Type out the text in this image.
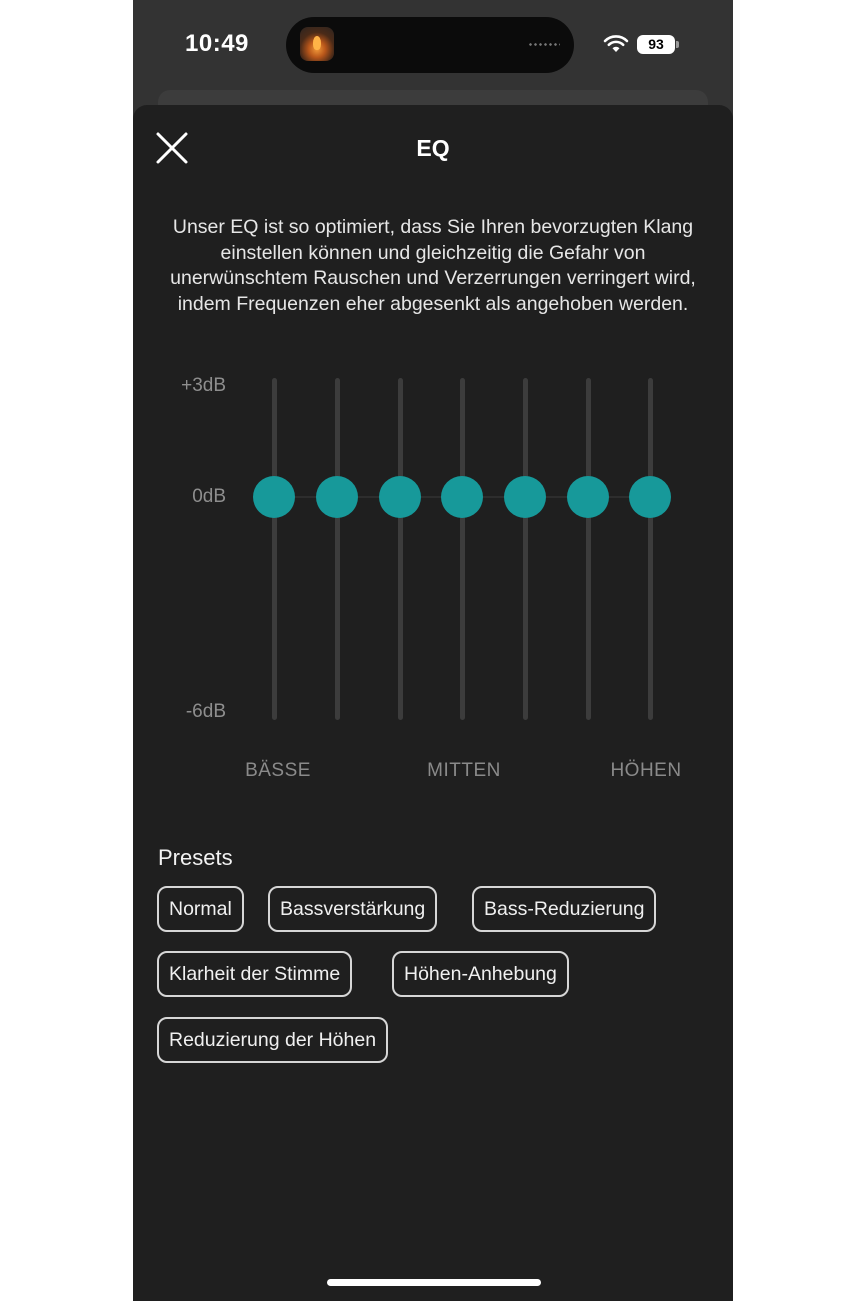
10:49	93
EQ
Unser EQ ist so optimiert, dass Sie Ihren bevorzugten Klang einstellen können und gleichzeitig die Gefahr von unerwünschtem Rauschen und Verzerrungen verringert wird, indem Frequenzen eher abgesenkt als angehoben werden.
+3dB
0dB
-6dB
BÄSSE	MITTEN	HÖHEN
Presets
Normal	Bassverstärkung	Bass-Reduzierung
Klarheit der Stimme	Höhen-Anhebung
Reduzierung der Höhen
